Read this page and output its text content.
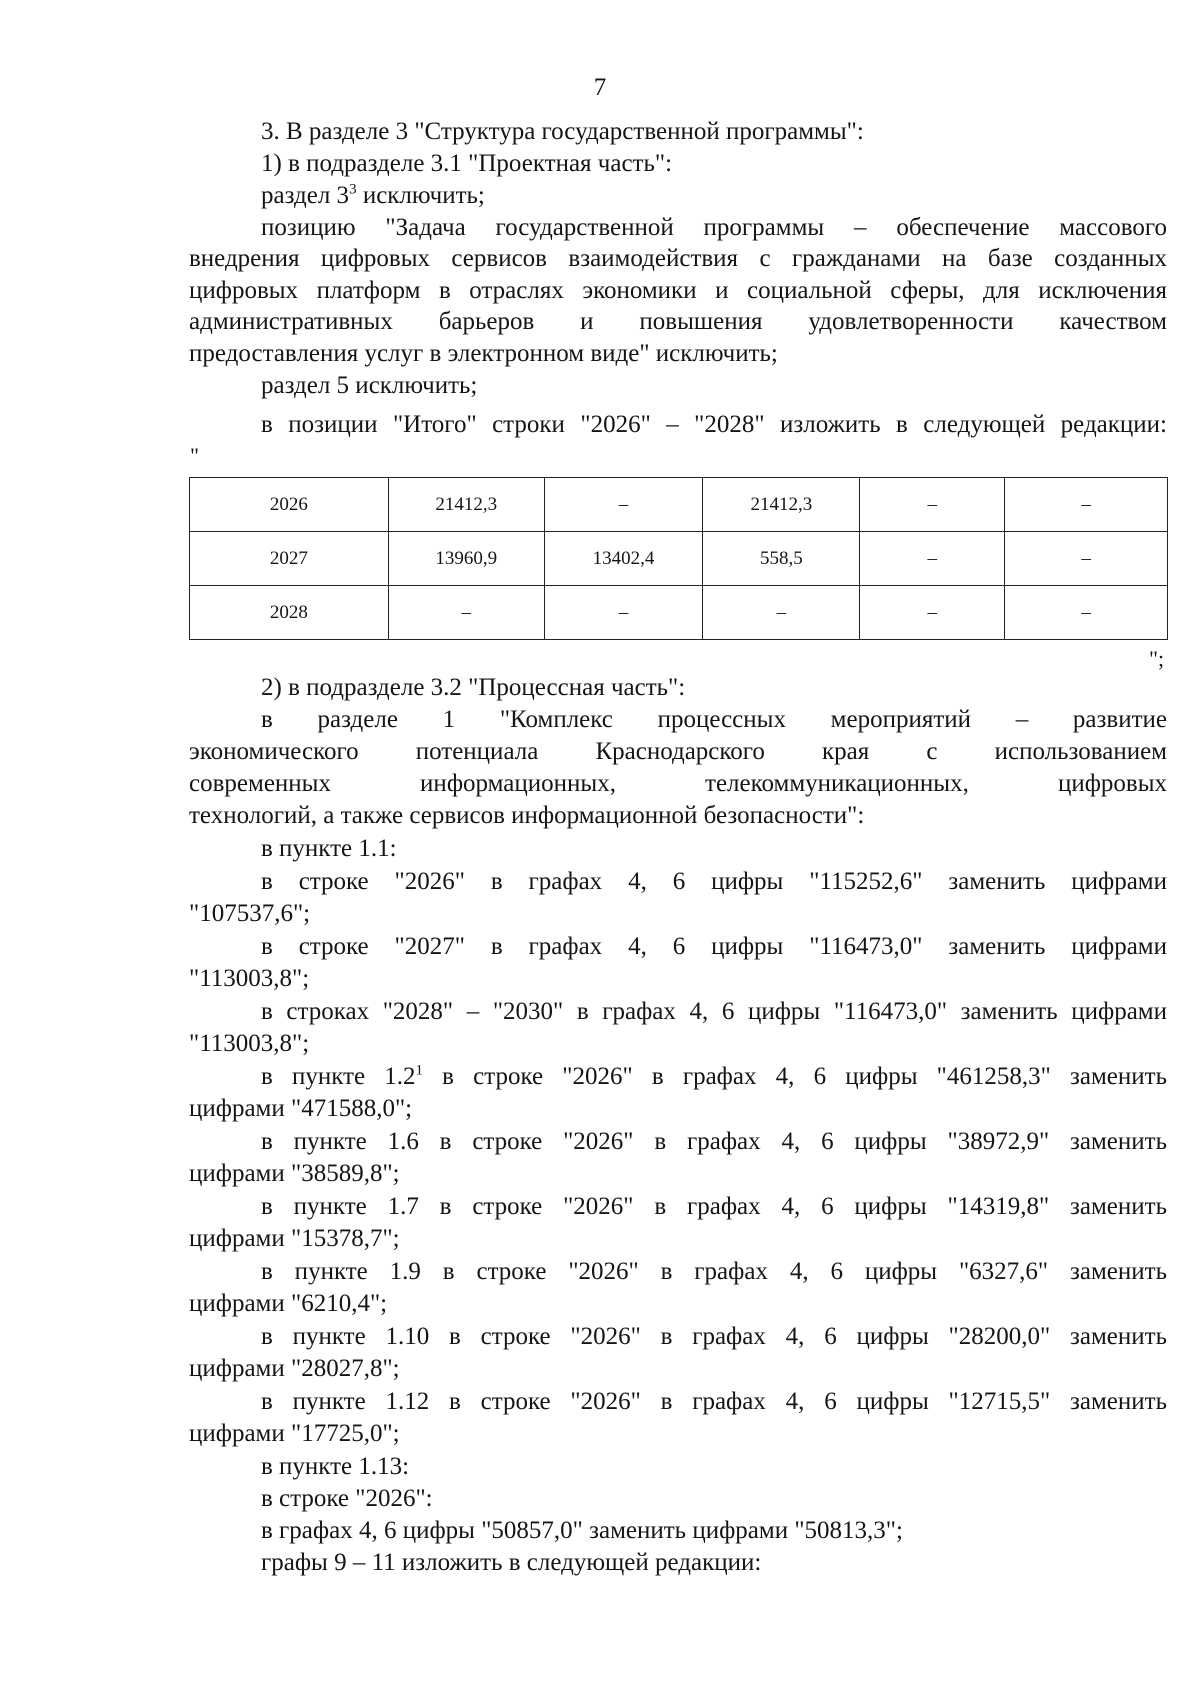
7
3. В разделе 3 "Структура государственной программы":
1) в подразделе 3.1 "Проектная часть":
раздел $3^3$ исключить;
позицию "Задача государственной программы – обеспечение массового
внедрения цифровых сервисов взаимодействия с гражданами на базе созданных
цифровых платформ в отраслях экономики и социальной сферы, для исключения
административных барьеров и повышения удовлетворенности качеством
предоставления услуг в электронном виде" исключить;
раздел 5 исключить;
в позиции "Итого" строки "2026" – "2028" изложить в следующей редакции:
"
2026	21412,3	–	21412,3	–	–
2027	13960,9	13402,4	558,5	–	–
2028	–	–	–	–	–
";
2) в подразделе 3.2 "Процессная часть":
в разделе 1 "Комплекс процессных мероприятий – развитие
экономического потенциала Краснодарского края с использованием
современных информационных, телекоммуникационных, цифровых
технологий, а также сервисов информационной безопасности":
в пункте 1.1:
в строке "2026" в графах 4, 6 цифры "115252,6" заменить цифрами
"107537,6";
в строке "2027" в графах 4, 6 цифры "116473,0" заменить цифрами
"113003,8";
в строках "2028" – "2030" в графах 4, 6 цифры "116473,0" заменить цифрами
"113003,8";
в пункте $1.2^1$ в строке "2026" в графах 4, 6 цифры "461258,3" заменить
цифрами "471588,0";
в пункте 1.6 в строке "2026" в графах 4, 6 цифры "38972,9" заменить
цифрами "38589,8";
в пункте 1.7 в строке "2026" в графах 4, 6 цифры "14319,8" заменить
цифрами "15378,7";
в пункте 1.9 в строке "2026" в графах 4, 6 цифры "6327,6" заменить
цифрами "6210,4";
в пункте 1.10 в строке "2026" в графах 4, 6 цифры "28200,0" заменить
цифрами "28027,8";
в пункте 1.12 в строке "2026" в графах 4, 6 цифры "12715,5" заменить
цифрами "17725,0";
в пункте 1.13:
в строке "2026":
в графах 4, 6 цифры "50857,0" заменить цифрами "50813,3";
графы 9 – 11 изложить в следующей редакции:
